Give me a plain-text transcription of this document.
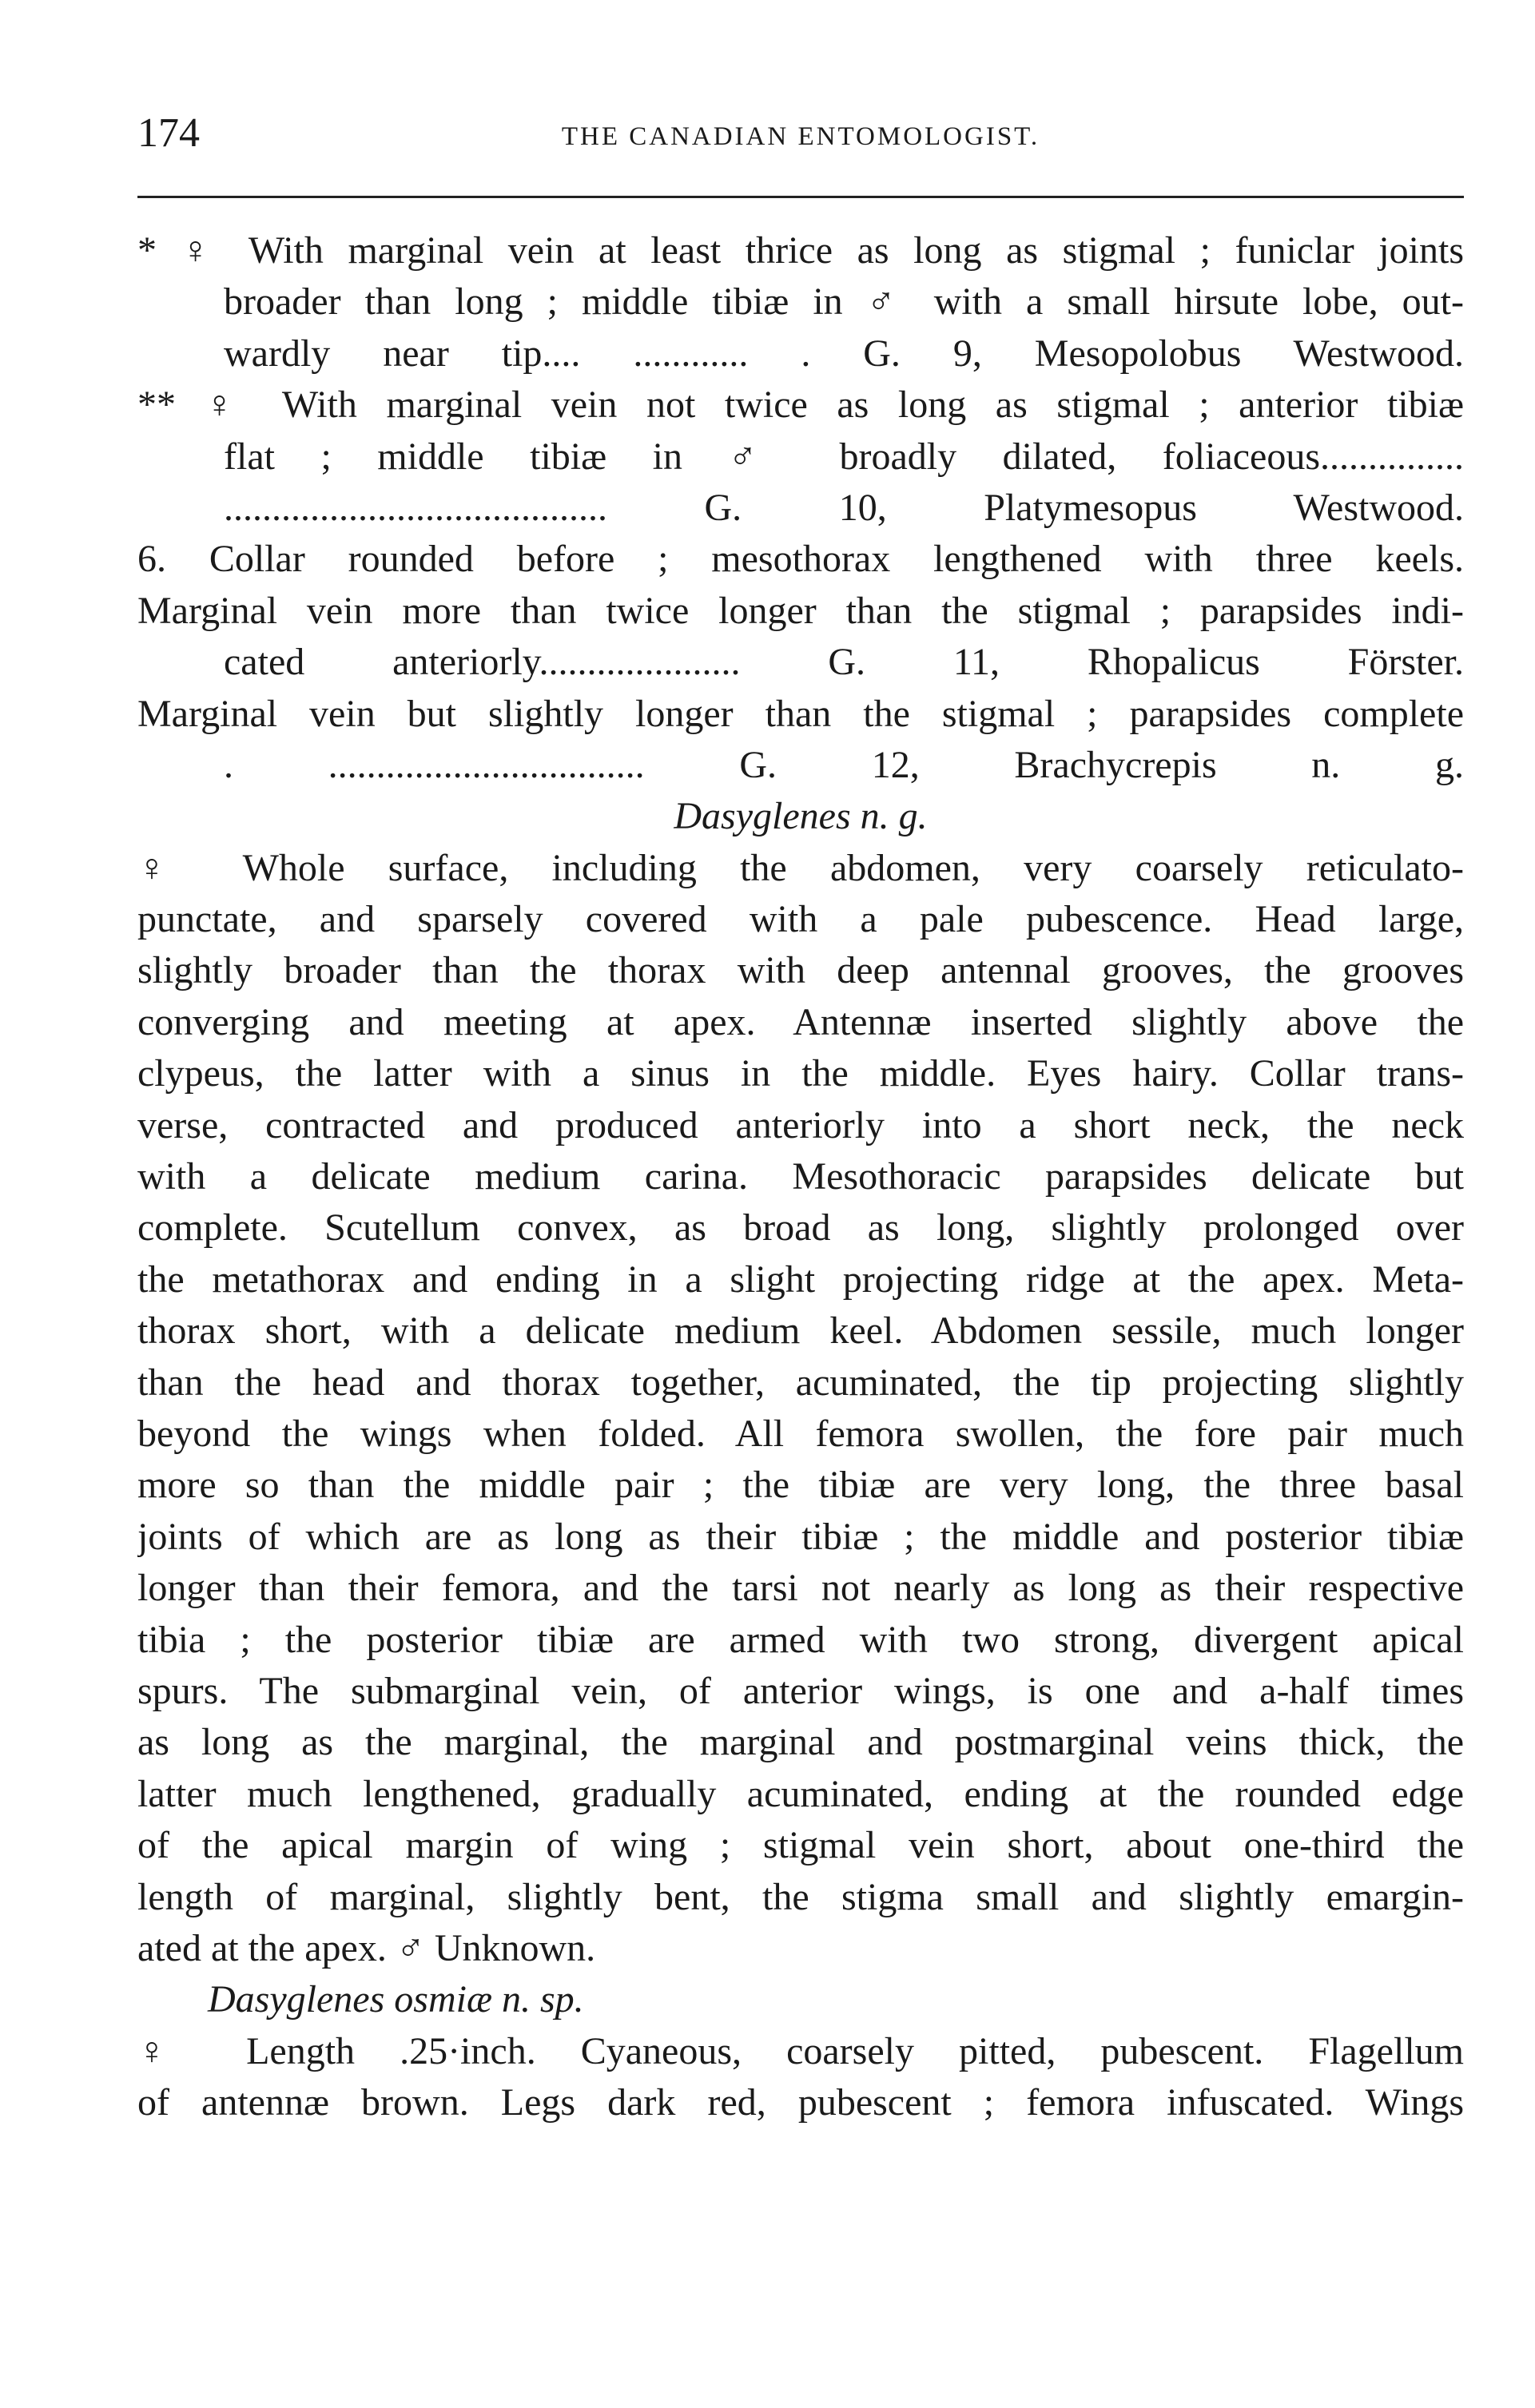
174	THE CANADIAN ENTOMOLOGIST.
* ♀ With marginal vein at least thrice as long as stigmal ; funiclar joints
broader than long ; middle tibiæ in ♂ with a small hirsute lobe, out-
wardly near tip.... ............ . G. 9, Mesopolobus Westwood.
** ♀ With marginal vein not twice as long as stigmal ; anterior tibiæ
flat ; middle tibiæ in ♂ broadly dilated, foliaceous...............
........................................ G. 10, Platymesopus Westwood.
6. Collar rounded before ; mesothorax lengthened with three keels.
Marginal vein more than twice longer than the stigmal ; parapsides indi-
cated anteriorly..................... G. 11, Rhopalicus Förster.
Marginal vein but slightly longer than the stigmal ; parapsides complete
. ................................. G. 12, Brachycrepis n. g.
Dasyglenes n. g.
♀ Whole surface, including the abdomen, very coarsely reticulato-
punctate, and sparsely covered with a pale pubescence. Head large,
slightly broader than the thorax with deep antennal grooves, the grooves
converging and meeting at apex. Antennæ inserted slightly above the
clypeus, the latter with a sinus in the middle. Eyes hairy. Collar trans-
verse, contracted and produced anteriorly into a short neck, the neck
with a delicate medium carina. Mesothoracic parapsides delicate but
complete. Scutellum convex, as broad as long, slightly prolonged over
the metathorax and ending in a slight projecting ridge at the apex. Meta-
thorax short, with a delicate medium keel. Abdomen sessile, much longer
than the head and thorax together, acuminated, the tip projecting slightly
beyond the wings when folded. All femora swollen, the fore pair much
more so than the middle pair ; the tibiæ are very long, the three basal
joints of which are as long as their tibiæ ; the middle and posterior tibiæ
longer than their femora, and the tarsi not nearly as long as their respective
tibia ; the posterior tibiæ are armed with two strong, divergent apical
spurs. The submarginal vein, of anterior wings, is one and a-half times
as long as the marginal, the marginal and postmarginal veins thick, the
latter much lengthened, gradually acuminated, ending at the rounded edge
of the apical margin of wing ; stigmal vein short, about one-third the
length of marginal, slightly bent, the stigma small and slightly emargin-
ated at the apex. ♂ Unknown.
Dasyglenes osmiæ n. sp.
♀ Length .25·inch. Cyaneous, coarsely pitted, pubescent. Flagellum
of antennæ brown. Legs dark red, pubescent ; femora infuscated. Wings
